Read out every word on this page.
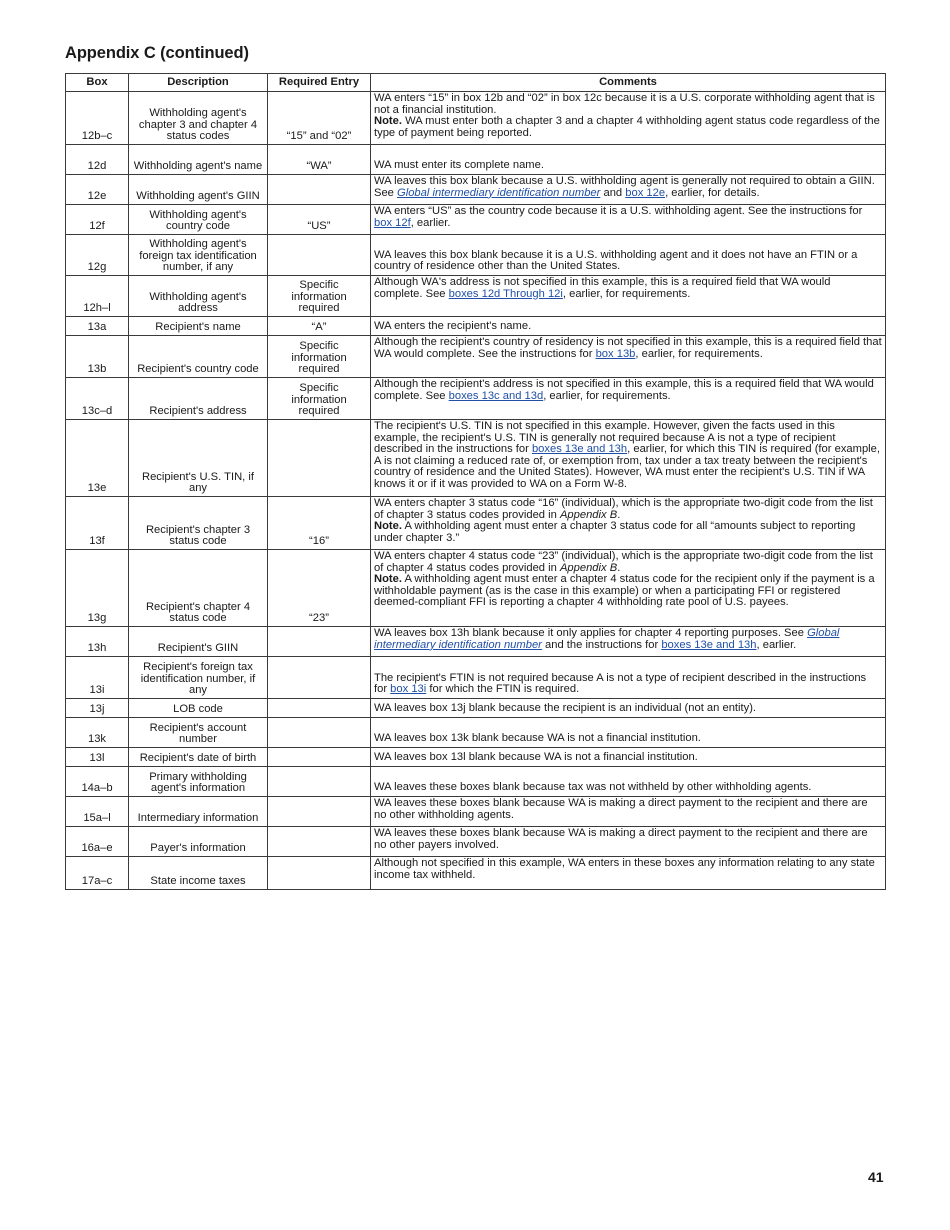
Appendix C (continued)
Box	Description	Required Entry	Comments
12b–c	Withholding agent's chapter 3 and chapter 4 status codes	“15” and “02”	WA enters “15” in box 12b and “02” in box 12c because it is a U.S. corporate withholding agent that is not a financial institution.
Note. WA must enter both a chapter 3 and a chapter 4 withholding agent status code regardless of the type of payment being reported.
12d	Withholding agent's name	“WA”	WA must enter its complete name.
12e	Withholding agent's GIIN		WA leaves this box blank because a U.S. withholding agent is generally not required to obtain a GIIN. See Global intermediary identification number and box 12e, earlier, for details.
12f	Withholding agent's country code	“US”	WA enters “US” as the country code because it is a U.S. withholding agent. See the instructions for box 12f, earlier.
12g	Withholding agent's foreign tax identification number, if any		WA leaves this box blank because it is a U.S. withholding agent and it does not have an FTIN or a country of residence other than the United States.
12h–l	Withholding agent's address	Specific information required	Although WA's address is not specified in this example, this is a required field that WA would complete. See boxes 12d Through 12i, earlier, for requirements.
13a	Recipient's name	“A”	WA enters the recipient's name.
13b	Recipient's country code	Specific information required	Although the recipient's country of residency is not specified in this example, this is a required field that WA would complete. See the instructions for box 13b, earlier, for requirements.
13c–d	Recipient's address	Specific information required	Although the recipient's address is not specified in this example, this is a required field that WA would complete. See boxes 13c and 13d, earlier, for requirements.
13e	Recipient's U.S. TIN, if any		The recipient's U.S. TIN is not specified in this example. However, given the facts used in this example, the recipient's U.S. TIN is generally not required because A is not a type of recipient described in the instructions for boxes 13e and 13h, earlier, for which this TIN is required (for example, A is not claiming a reduced rate of, or exemption from, tax under a tax treaty between the recipient's country of residence and the United States). However, WA must enter the recipient's U.S. TIN if WA knows it or if it was provided to WA on a Form W-8.
13f	Recipient's chapter 3 status code	“16”	WA enters chapter 3 status code “16” (individual), which is the appropriate two-digit code from the list of chapter 3 status codes provided in Appendix B.
Note. A withholding agent must enter a chapter 3 status code for all “amounts subject to reporting under chapter 3.”
13g	Recipient's chapter 4 status code	“23”	WA enters chapter 4 status code “23” (individual), which is the appropriate two-digit code from the list of chapter 4 status codes provided in Appendix B.
Note. A withholding agent must enter a chapter 4 status code for the recipient only if the payment is a withholdable payment (as is the case in this example) or when a participating FFI or registered deemed-compliant FFI is reporting a chapter 4 withholding rate pool of U.S. payees.
13h	Recipient's GIIN		WA leaves box 13h blank because it only applies for chapter 4 reporting purposes. See Global intermediary identification number and the instructions for boxes 13e and 13h, earlier.
13i	Recipient's foreign tax identification number, if any		The recipient's FTIN is not required because A is not a type of recipient described in the instructions for box 13i for which the FTIN is required.
13j	LOB code		WA leaves box 13j blank because the recipient is an individual (not an entity).
13k	Recipient's account number		WA leaves box 13k blank because WA is not a financial institution.
13l	Recipient's date of birth		WA leaves box 13l blank because WA is not a financial institution.
14a–b	Primary withholding agent's information		WA leaves these boxes blank because tax was not withheld by other withholding agents.
15a–l	Intermediary information		WA leaves these boxes blank because WA is making a direct payment to the recipient and there are no other withholding agents.
16a–e	Payer's information		WA leaves these boxes blank because WA is making a direct payment to the recipient and there are no other payers involved.
17a–c	State income taxes		Although not specified in this example, WA enters in these boxes any information relating to any state income tax withheld.
41
